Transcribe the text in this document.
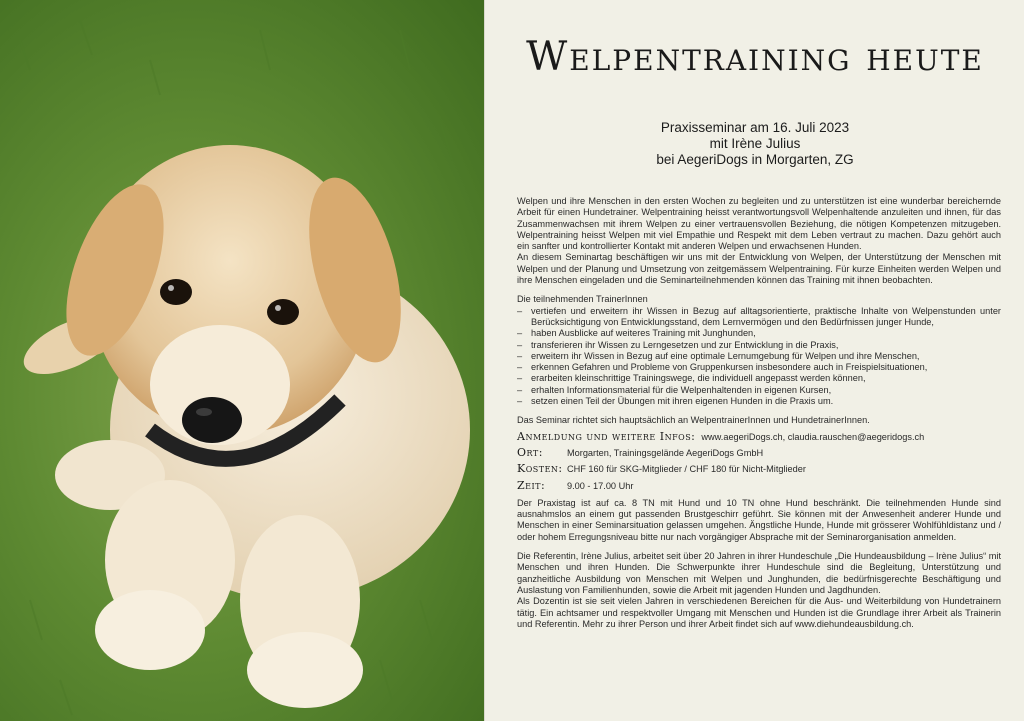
Welpentraining heute
Praxisseminar am 16. Juli 2023
mit Irène Julius
bei AegeriDogs in Morgarten, ZG

Welpen und ihre Menschen in den ersten Wochen zu begleiten und zu unterstützen ist eine wunderbar bereichernde Arbeit für einen Hundetrainer. Welpentraining heisst verantwortungsvoll Welpenhaltende anzuleiten und ihnen, für das Zusammenwachsen mit ihrem Welpen zu einer vertrauensvollen Beziehung, die nötigen Kompetenzen mitzugeben. Welpentraining heisst Welpen mit viel Empathie und Respekt mit dem Leben vertraut zu machen. Dazu gehört auch ein sanfter und kontrollierter Kontakt mit anderen Welpen und erwachsenen Hunden.

An diesem Seminartag beschäftigen wir uns mit der Entwicklung von Welpen, der Unterstützung der Menschen mit Welpen und der Planung und Umsetzung von zeitgemässem Welpentraining. Für kurze Einheiten werden Welpen und ihre Menschen eingeladen und die Seminarteilnehmenden können das Training mit ihnen beobachten.

Die teilnehmenden TrainerInnen

– vertiefen und erweitern ihr Wissen in Bezug auf alltagsorientierte, praktische Inhalte von Welpenstunden unter Berücksichtigung von Entwicklungsstand, dem Lernvermögen und den Bedürfnissen junger Hunde,
– haben Ausblicke auf weiteres Training mit Junghunden,
– transferieren ihr Wissen zu Lerngesetzen und zur Entwicklung in die Praxis,
– erweitern ihr Wissen in Bezug auf eine optimale Lernumgebung für Welpen und ihre Menschen,
– erkennen Gefahren und Probleme von Gruppenkursen insbesondere auch in Freispielsituationen,
– erarbeiten kleinschrittige Trainingswege, die individuell angepasst werden können,
– erhalten Informationsmaterial für die Welpenhaltenden in eigenen Kursen,
– setzen einen Teil der Übungen mit ihren eigenen Hunden in die Praxis um.

Das Seminar richtet sich hauptsächlich an WelpentrainerInnen und HundetrainerInnen.

Anmeldung und weitere Infos: www.aegeriDogs.ch, claudia.rauschen@aegeridogs.ch
Ort:	Morgarten, Trainingsgelände AegeriDogs GmbH
Kosten: CHF 160 für SKG-Mitglieder / CHF 180 für Nicht-Mitglieder
Zeit:	9.00 - 17.00 Uhr

Der Praxistag ist auf ca. 8 TN mit Hund und 10 TN ohne Hund beschränkt. Die teilnehmenden Hunde sind ausnahmslos an einem gut passenden Brustgeschirr geführt. Sie können mit der Anwesenheit anderer Hunde und Menschen in einer Seminarsituation gelassen umgehen. Ängstliche Hunde, Hunde mit grösserer Wohlfühldistanz und / oder hohem Erregungsniveau bitte nur nach vorgängiger Absprache mit der Seminarorganisation anmelden.

Die Referentin, Irène Julius, arbeitet seit über 20 Jahren in ihrer Hundeschule „Die Hundeausbildung – Irène Julius“ mit Menschen und ihren Hunden. Die Schwerpunkte ihrer Hundeschule sind die Begleitung, Unterstützung und ganzheitliche Ausbildung von Menschen mit Welpen und Junghunden, die bedürfnisgerechte Beschäftigung und Auslastung von Familienhunden, sowie die Arbeit mit jagenden Hunden und Jagdhunden.

Als Dozentin ist sie seit vielen Jahren in verschiedenen Bereichen für die Aus- und Weiterbildung von Hundetrainern tätig. Ein achtsamer und respektvoller Umgang mit Menschen und Hunden ist die Grundlage ihrer Arbeit als Trainerin und Referentin. Mehr zu ihrer Person und ihrer Arbeit findet sich auf www.diehundeausbildung.ch.
